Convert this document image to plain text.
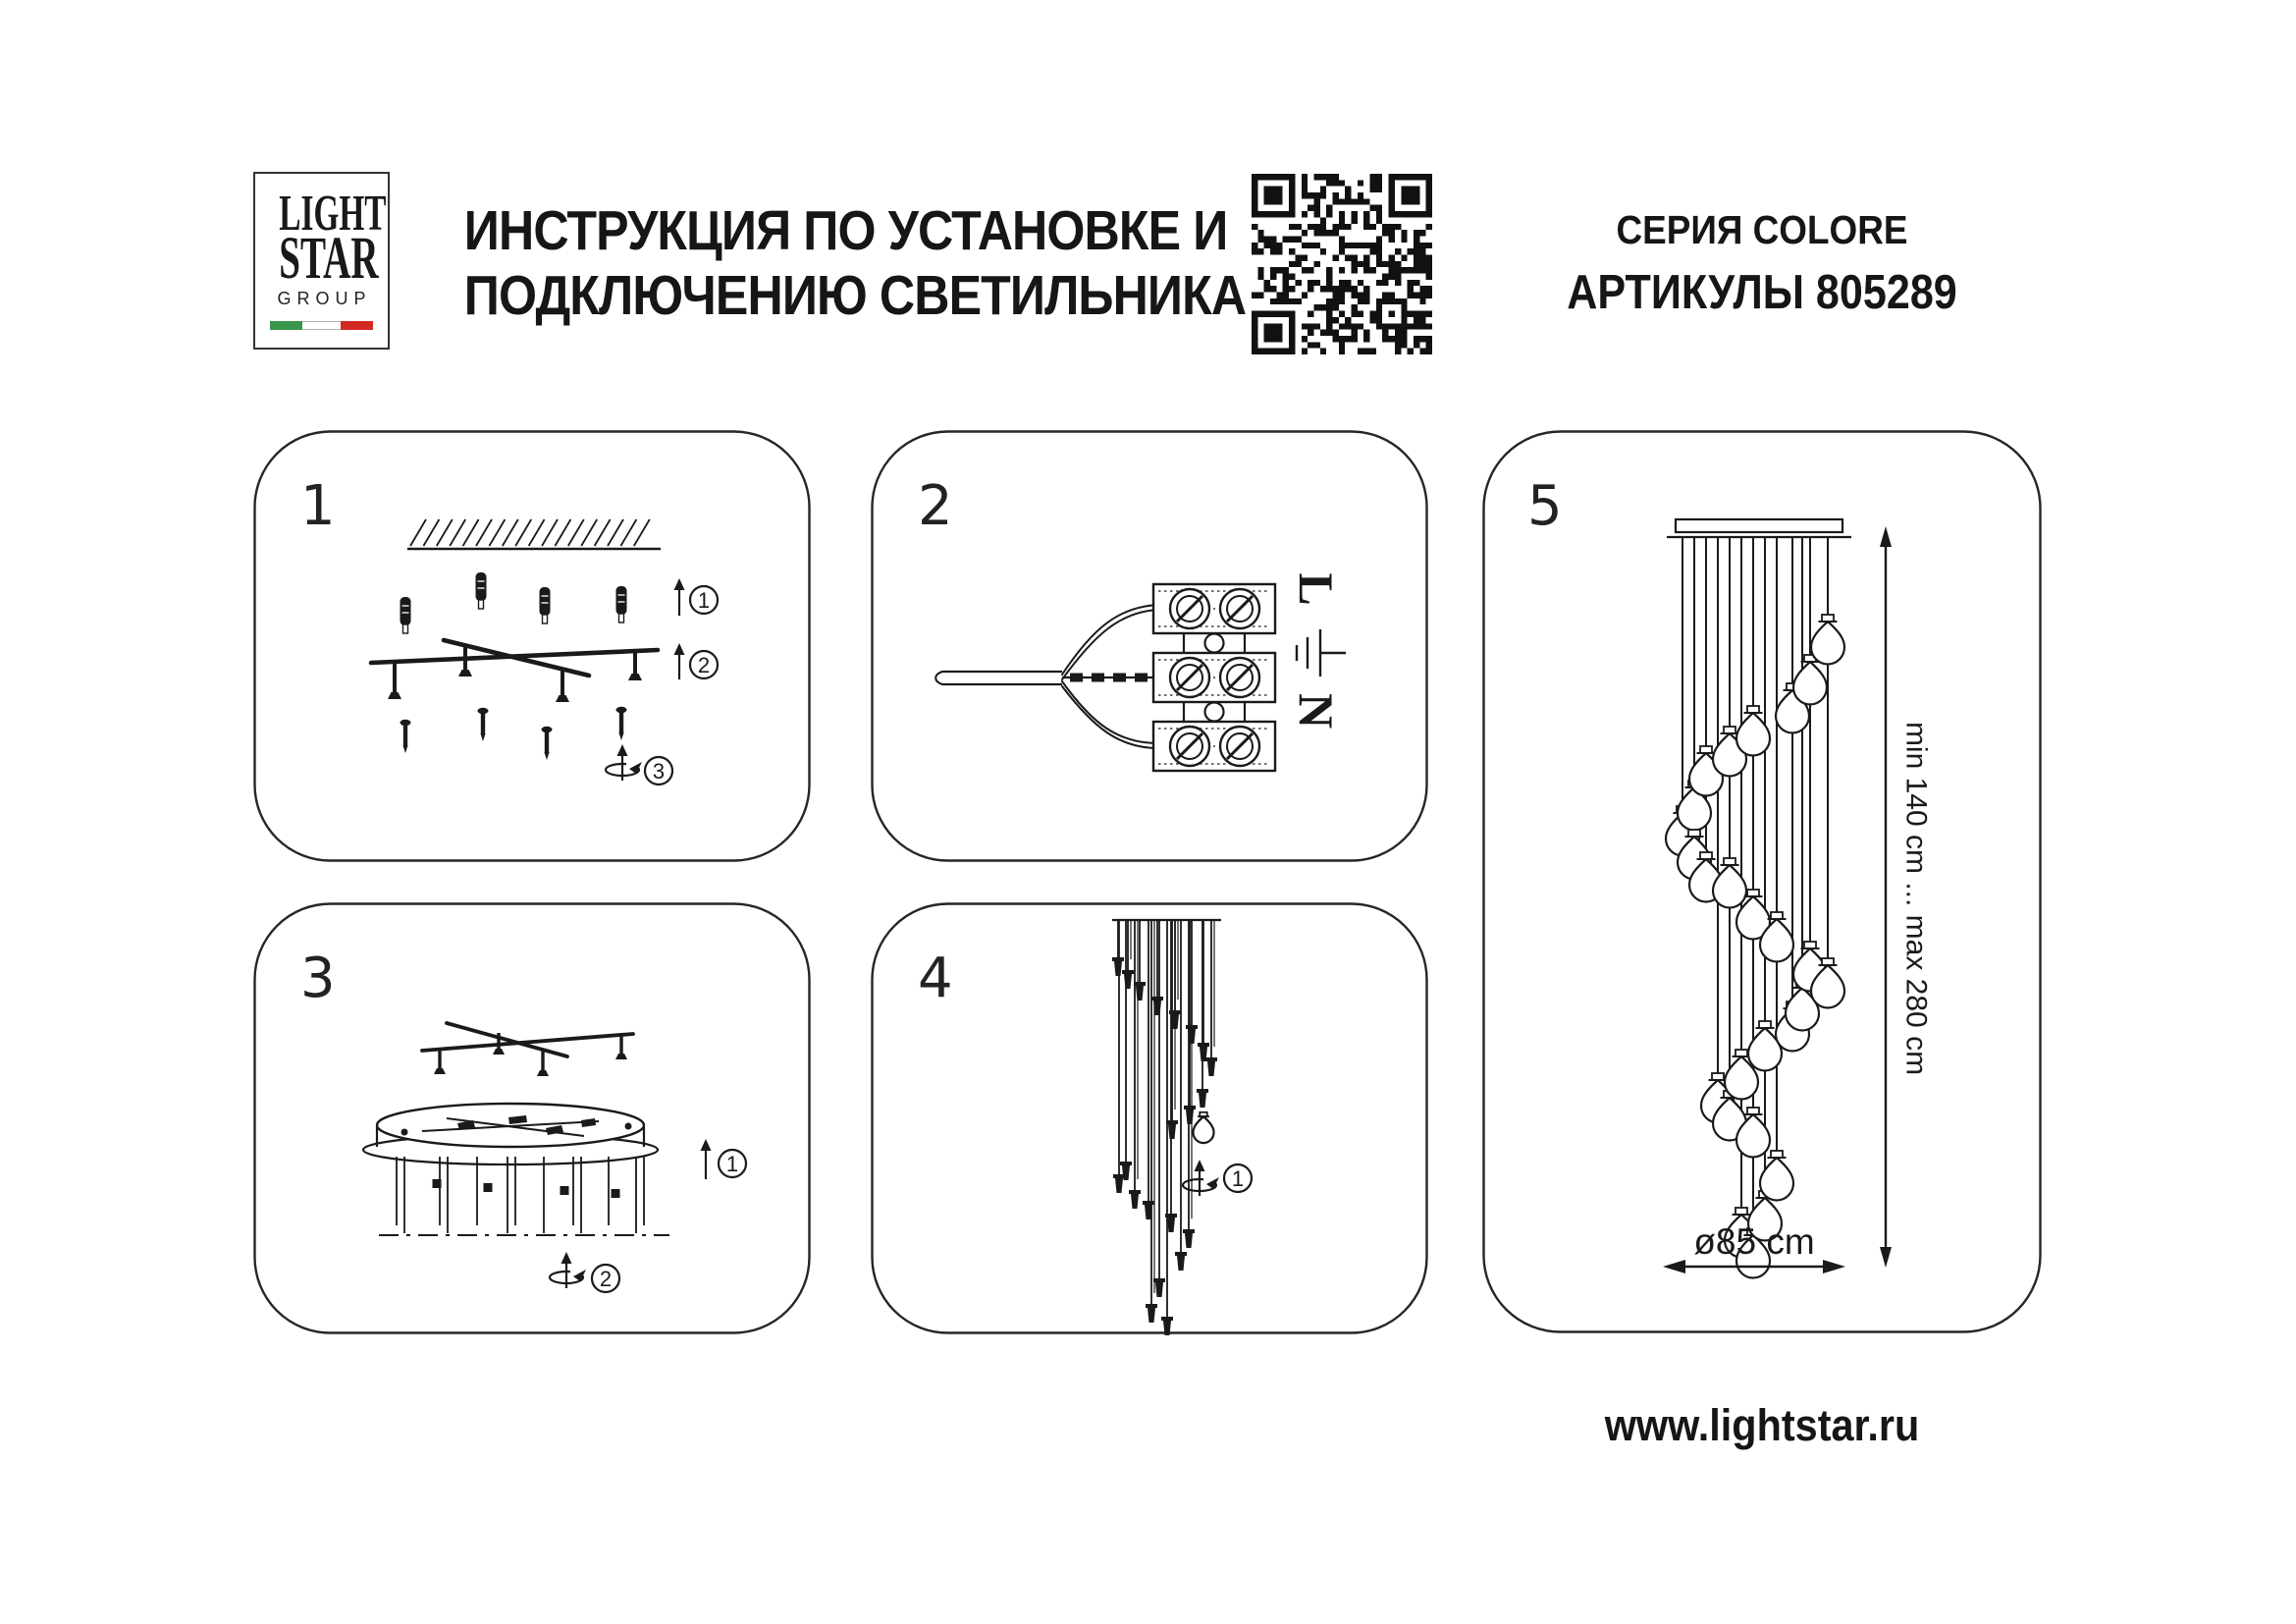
LIGHT
STAR
GROUP
ИНСТРУКЦИЯ ПО УСТАНОВКЕ И
ПОДКЛЮЧЕНИЮ СВЕТИЛЬНИКА
СЕРИЯ COLORE
АРТИКУЛЫ 805289
1
1
2
3
2
L
N
3
1
2
4
1
5
min 140 cm ... max 280 cm
ø85 cm
www.lightstar.ru
